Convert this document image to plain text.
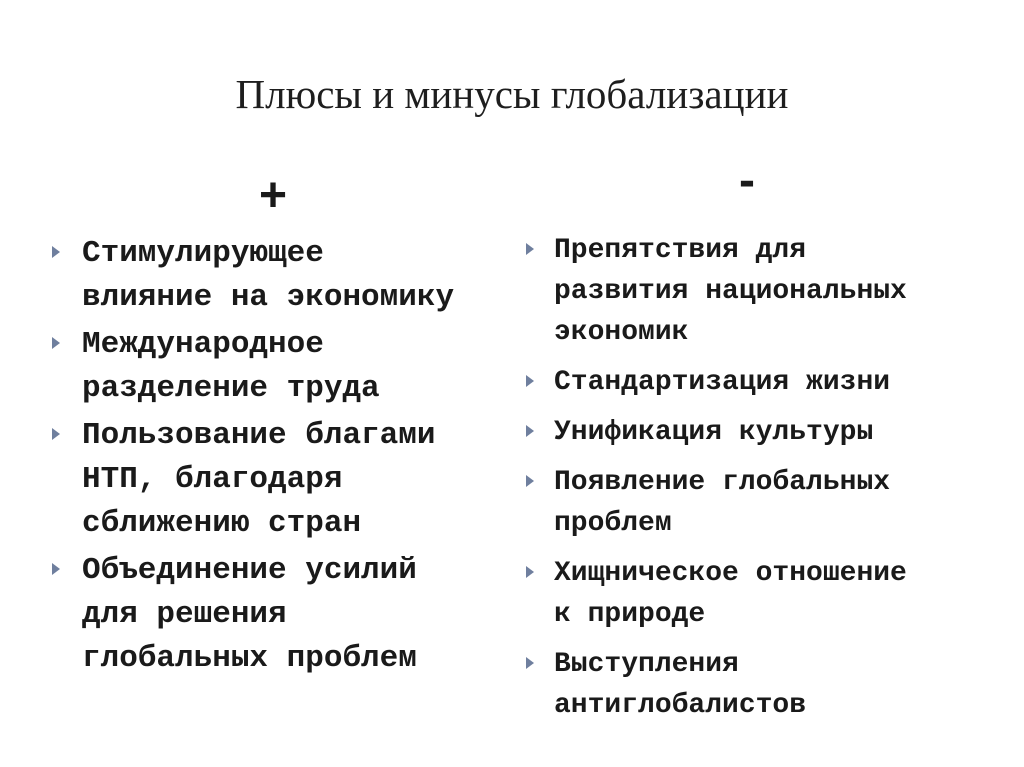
Плюсы и минусы глобализации
+	-
Стимулирующее
влияние на экономику
Международное
разделение труда
Пользование благами
НТП, благодаря
сближению стран
Объединение усилий
для решения
глобальных проблем
Препятствия для
развития национальных
экономик
Стандартизация жизни
Унификация культуры
Появление глобальных
проблем
Хищническое отношение
к природе
Выступления
антиглобалистов
